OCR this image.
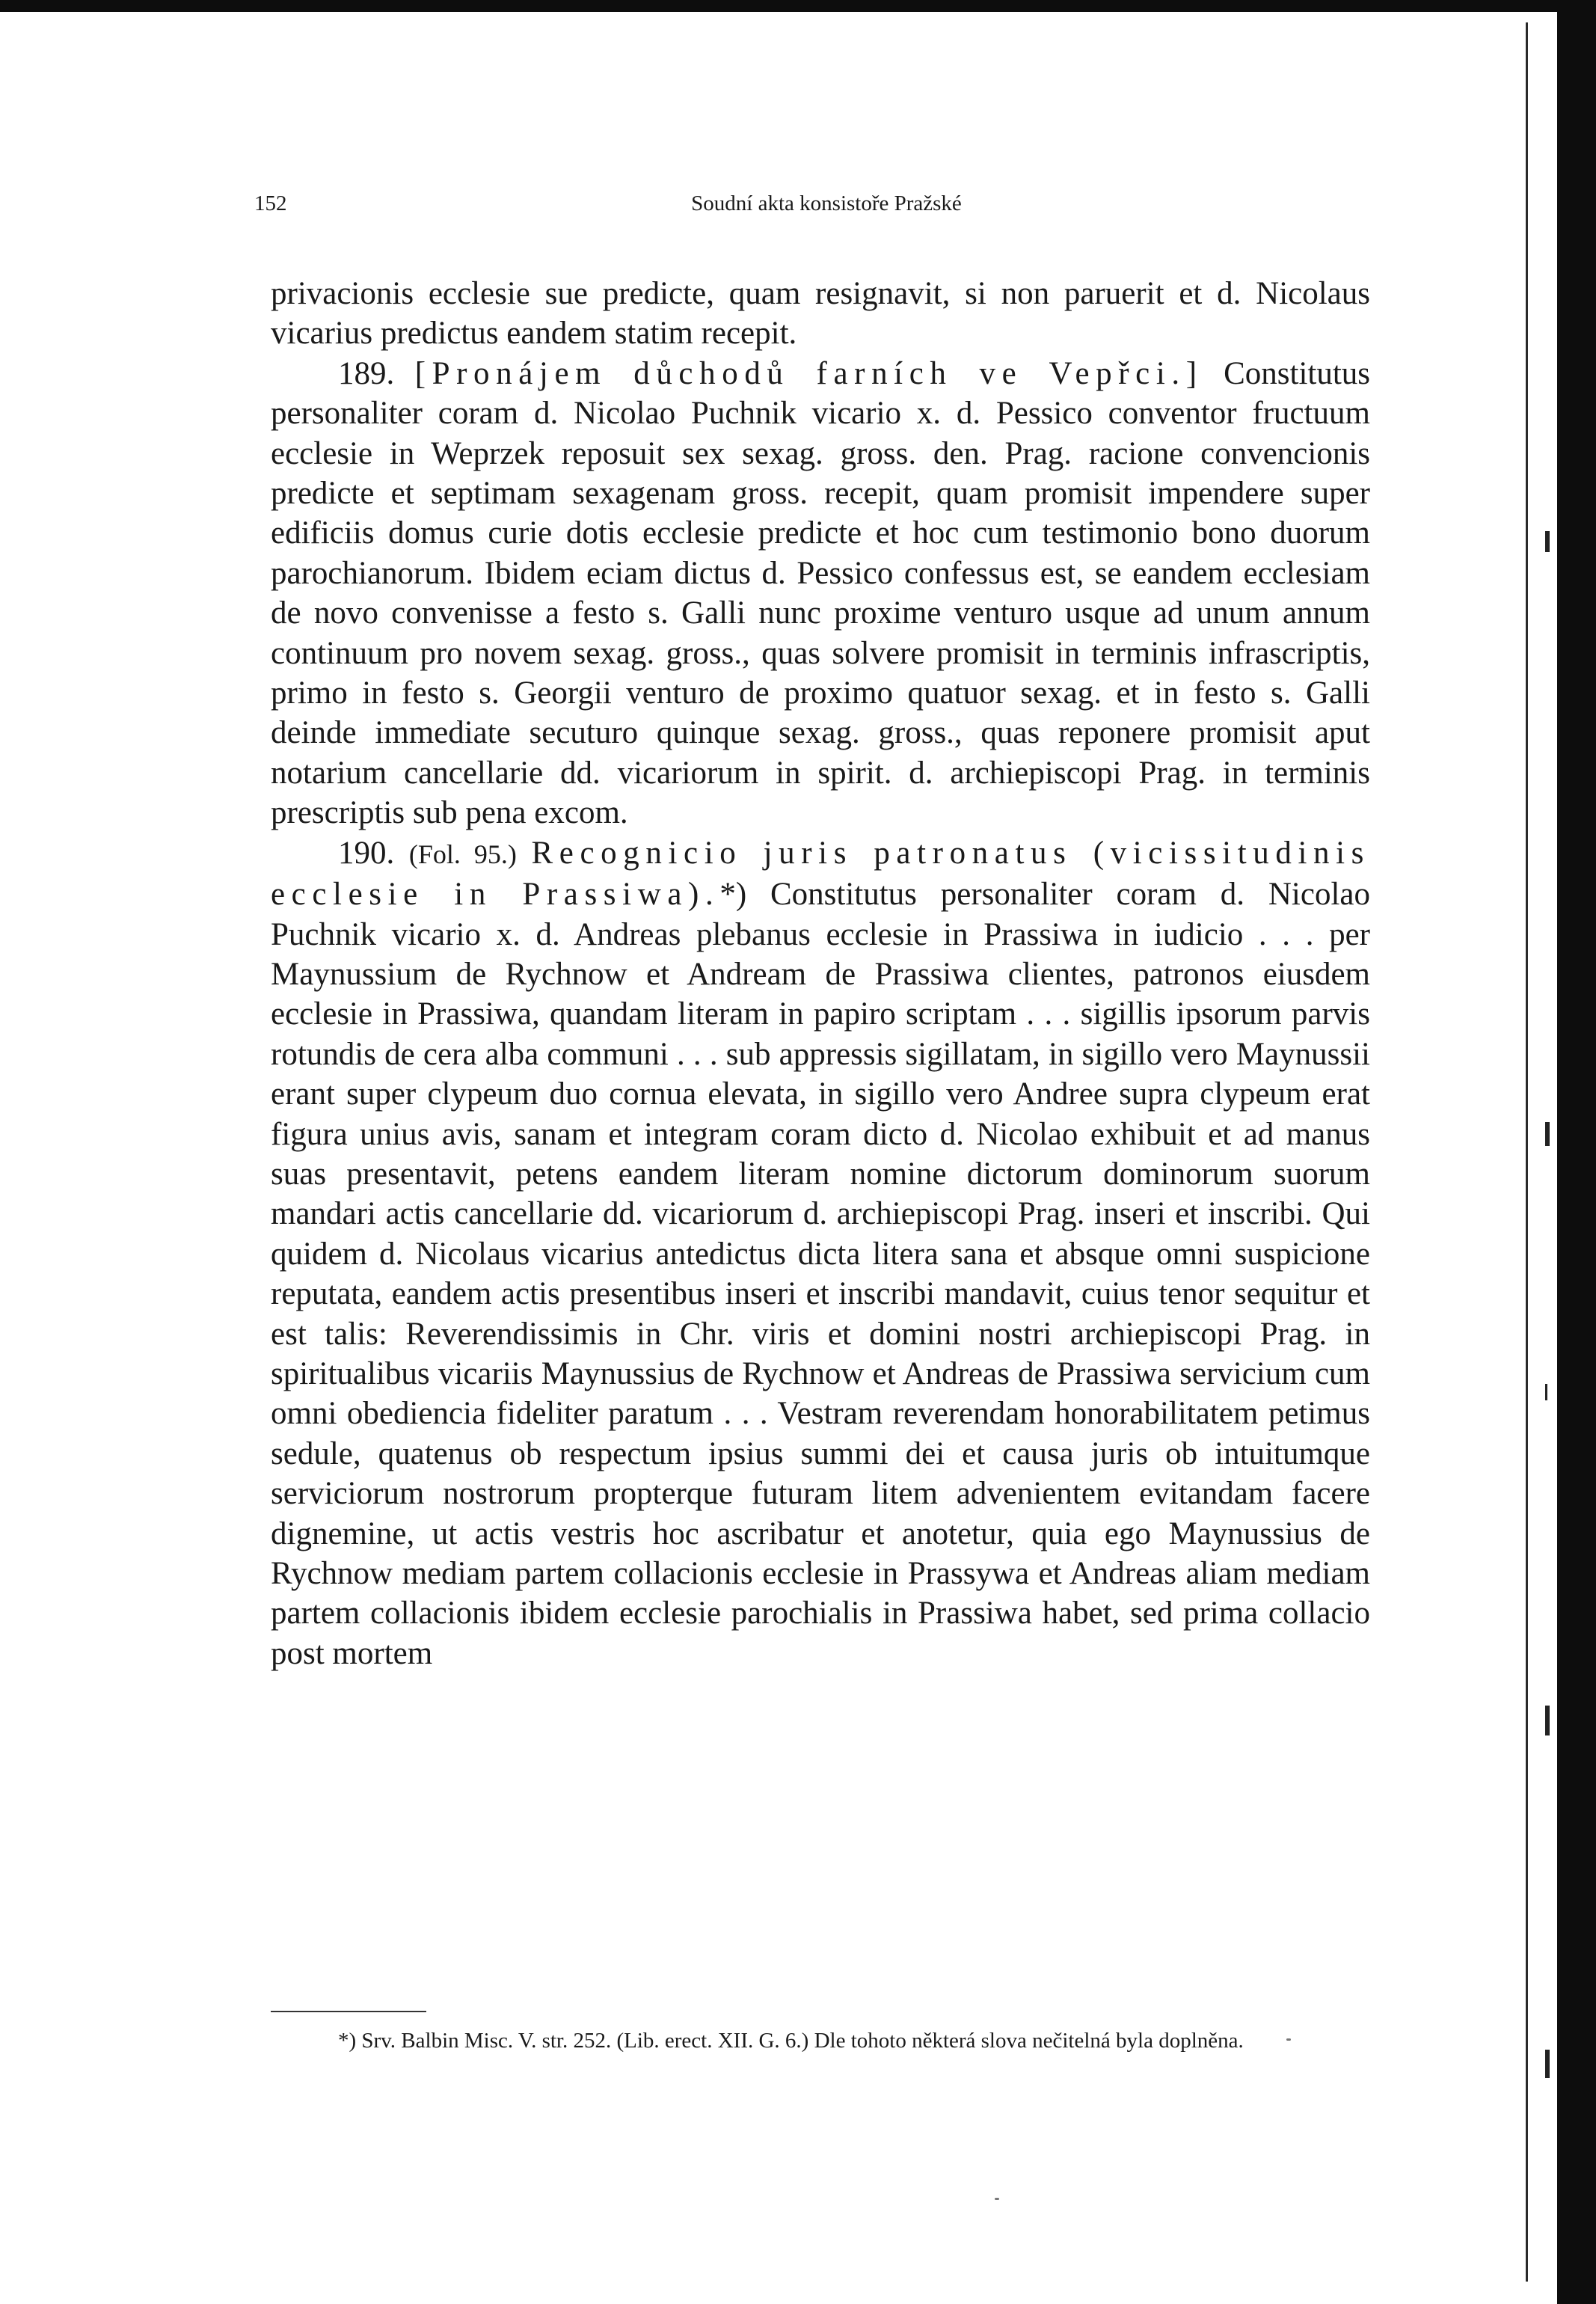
152	Soudní akta konsistoře Pražské

privacionis ecclesie sue predicte, quam resignavit, si non paruerit et d. Nicolaus vicarius predictus eandem statim recepit.

189. [Pronájem důchodů farních ve Vepřci.] Constitutus personaliter coram d. Nicolao Puchnik vicario x. d. Pessico conventor fructuum ecclesie in Weprzek reposuit sex sexag. gross. den. Prag. racione convencionis predicte et septimam sexagenam gross. recepit, quam promisit impendere super edificiis domus curie dotis ecclesie predicte et hoc cum testimonio bono duorum parochianorum. Ibidem eciam dictus d. Pessico confessus est, se eandem ecclesiam de novo convenisse a festo s. Galli nunc proxime venturo usque ad unum annum continuum pro novem sexag. gross., quas solvere promisit in terminis infrascriptis, primo in festo s. Georgii venturo de proximo quatuor sexag. et in festo s. Galli deinde immediate secuturo quinque sexag. gross., quas reponere promisit aput notarium cancellarie dd. vicariorum in spirit. d. archiepiscopi Prag. in terminis prescriptis sub pena excom.

190. (Fol. 95.) Recognicio juris patronatus (vicissitudinis ecclesie in Prassiwa).*) Constitutus personaliter coram d. Nicolao Puchnik vicario x. d. Andreas plebanus ecclesie in Prassiwa in iudicio . . . per Maynussium de Rychnow et Andream de Prassiwa clientes, patronos eiusdem ecclesie in Prassiwa, quandam literam in papiro scriptam . . . sigillis ipsorum parvis rotundis de cera alba communi . . . sub appressis sigillatam, in sigillo vero Maynussii erant super clypeum duo cornua elevata, in sigillo vero Andree supra clypeum erat figura unius avis, sanam et integram coram dicto d. Nicolao exhibuit et ad manus suas presentavit, petens eandem literam nomine dictorum dominorum suorum mandari actis cancellarie dd. vicariorum d. archiepiscopi Prag. inseri et inscribi. Qui quidem d. Nicolaus vicarius antedictus dicta litera sana et absque omni suspicione reputata, eandem actis presentibus inseri et inscribi mandavit, cuius tenor sequitur et est talis: Reverendissimis in Chr. viris et domini nostri archiepiscopi Prag. in spiritualibus vicariis Maynussius de Rychnow et Andreas de Prassiwa servicium cum omni obediencia fideliter paratum . . . Vestram reverendam honorabilitatem petimus sedule, quatenus ob respectum ipsius summi dei et causa juris ob intuitumque serviciorum nostrorum propterque futuram litem advenientem evitandam facere dignemine, ut actis vestris hoc ascribatur et anotetur, quia ego Maynussius de Rychnow mediam partem collacionis ecclesie in Prassywa et Andreas aliam mediam partem collacionis ibidem ecclesie parochialis in Prassiwa habet, sed prima collacio post mortem

*) Srv. Balbin Misc. V. str. 252. (Lib. erect. XII. G. 6.) Dle tohoto některá slova nečitelná byla doplněna.
